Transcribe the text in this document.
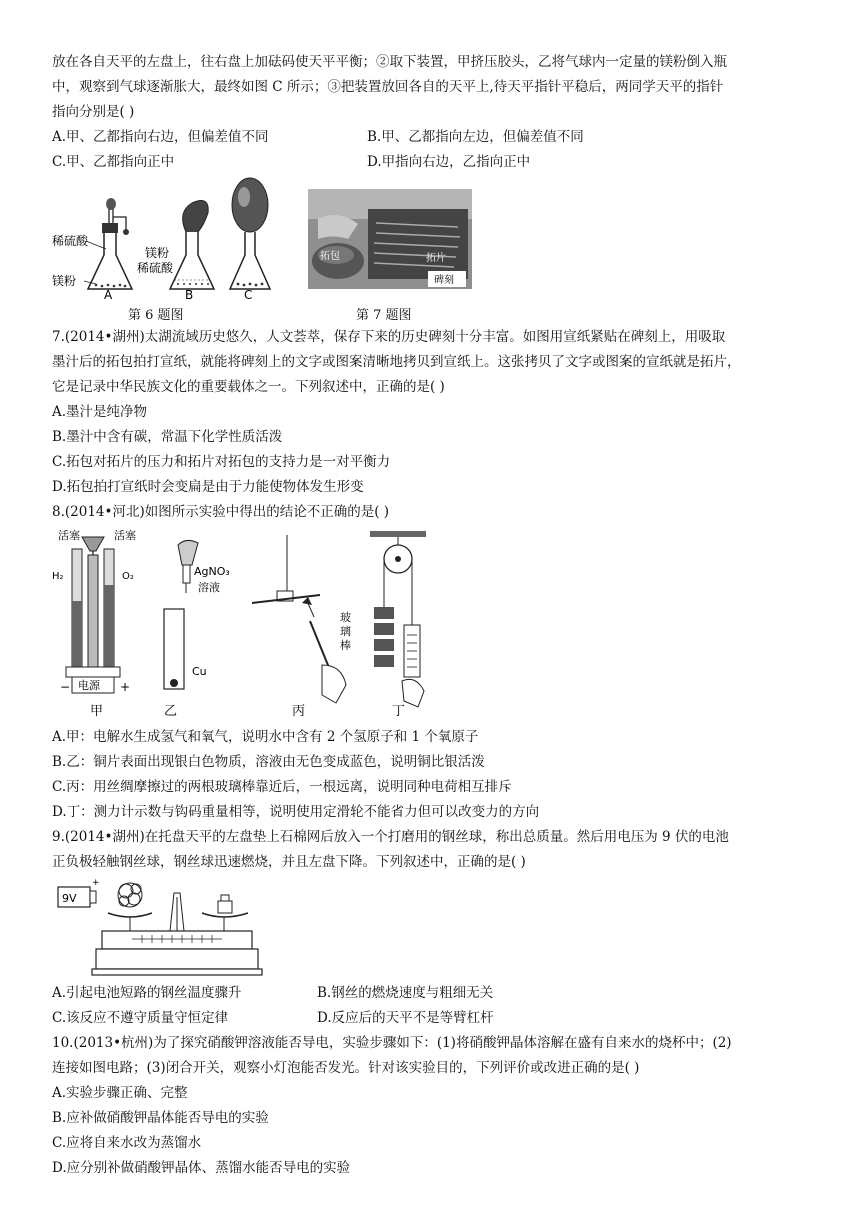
放在各自天平的左盘上，往右盘上加砝码使天平平衡；②取下装置，甲挤压胶头，乙将气球内一定量的镁粉倒入瓶

中，观察到气球逐渐胀大，最终如图 C 所示；③把装置放回各自的天平上,待天平指针平稳后，两同学天平的指针

指向分别是( )

A.甲、乙都指向右边，但偏差值不同	B.甲、乙都指向左边，但偏差值不同
C.甲、乙都指向正中	D.甲指向右边，乙指向正中
稀硫酸
镁粉
A
镁粉
稀硫酸
B	C
拓包	拓片
碑刻
第 6 题图	第 7 题图

7.(2014•湖州)太湖流域历史悠久，人文荟萃，保存下来的历史碑刻十分丰富。如图用宣纸紧贴在碑刻上，用吸取

墨汁后的拓包拍打宣纸，就能将碑刻上的文字或图案清晰地拷贝到宣纸上。这张拷贝了文字或图案的宣纸就是拓片，

它是记录中华民族文化的重要载体之一。下列叙述中，正确的是( )

A.墨汁是纯净物

B.墨汁中含有碳，常温下化学性质活泼

C.拓包对拓片的压力和拓片对拓包的支持力是一对平衡力

D.拓包拍打宣纸时会变扁是由于力能使物体发生形变

8.(2014•河北)如图所示实验中得出的结论不正确的是( )

电源
−	+
活塞	活塞
H₂	O₂
甲
AgNO₃
溶液
Cu
乙
玻
璃
棒
丙	丁

A.甲：电解水生成氢气和氧气，说明水中含有 2 个氢原子和 1 个氧原子

B.乙：铜片表面出现银白色物质，溶液由无色变成蓝色，说明铜比银活泼

C.丙：用丝绸摩擦过的两根玻璃棒靠近后，一根远离，说明同种电荷相互排斥

D.丁：测力计示数与钩码重量相等，说明使用定滑轮不能省力但可以改变力的方向

9.(2014•湖州)在托盘天平的左盘垫上石棉网后放入一个打磨用的钢丝球，称出总质量。然后用电压为 9 伏的电池

正负极轻触钢丝球，钢丝球迅速燃烧，并且左盘下降。下列叙述中，正确的是( )

9V
+
A.引起电池短路的钢丝温度骤升	B.钢丝的燃烧速度与粗细无关
C.该反应不遵守质量守恒定律	D.反应后的天平不是等臂杠杆

10.(2013•杭州)为了探究硝酸钾溶液能否导电，实验步骤如下：(1)将硝酸钾晶体溶解在盛有自来水的烧杯中；(2)

连接如图电路；(3)闭合开关，观察小灯泡能否发光。针对该实验目的，下列评价或改进正确的是( )

A.实验步骤正确、完整

B.应补做硝酸钾晶体能否导电的实验

C.应将自来水改为蒸馏水

D.应分别补做硝酸钾晶体、蒸馏水能否导电的实验
